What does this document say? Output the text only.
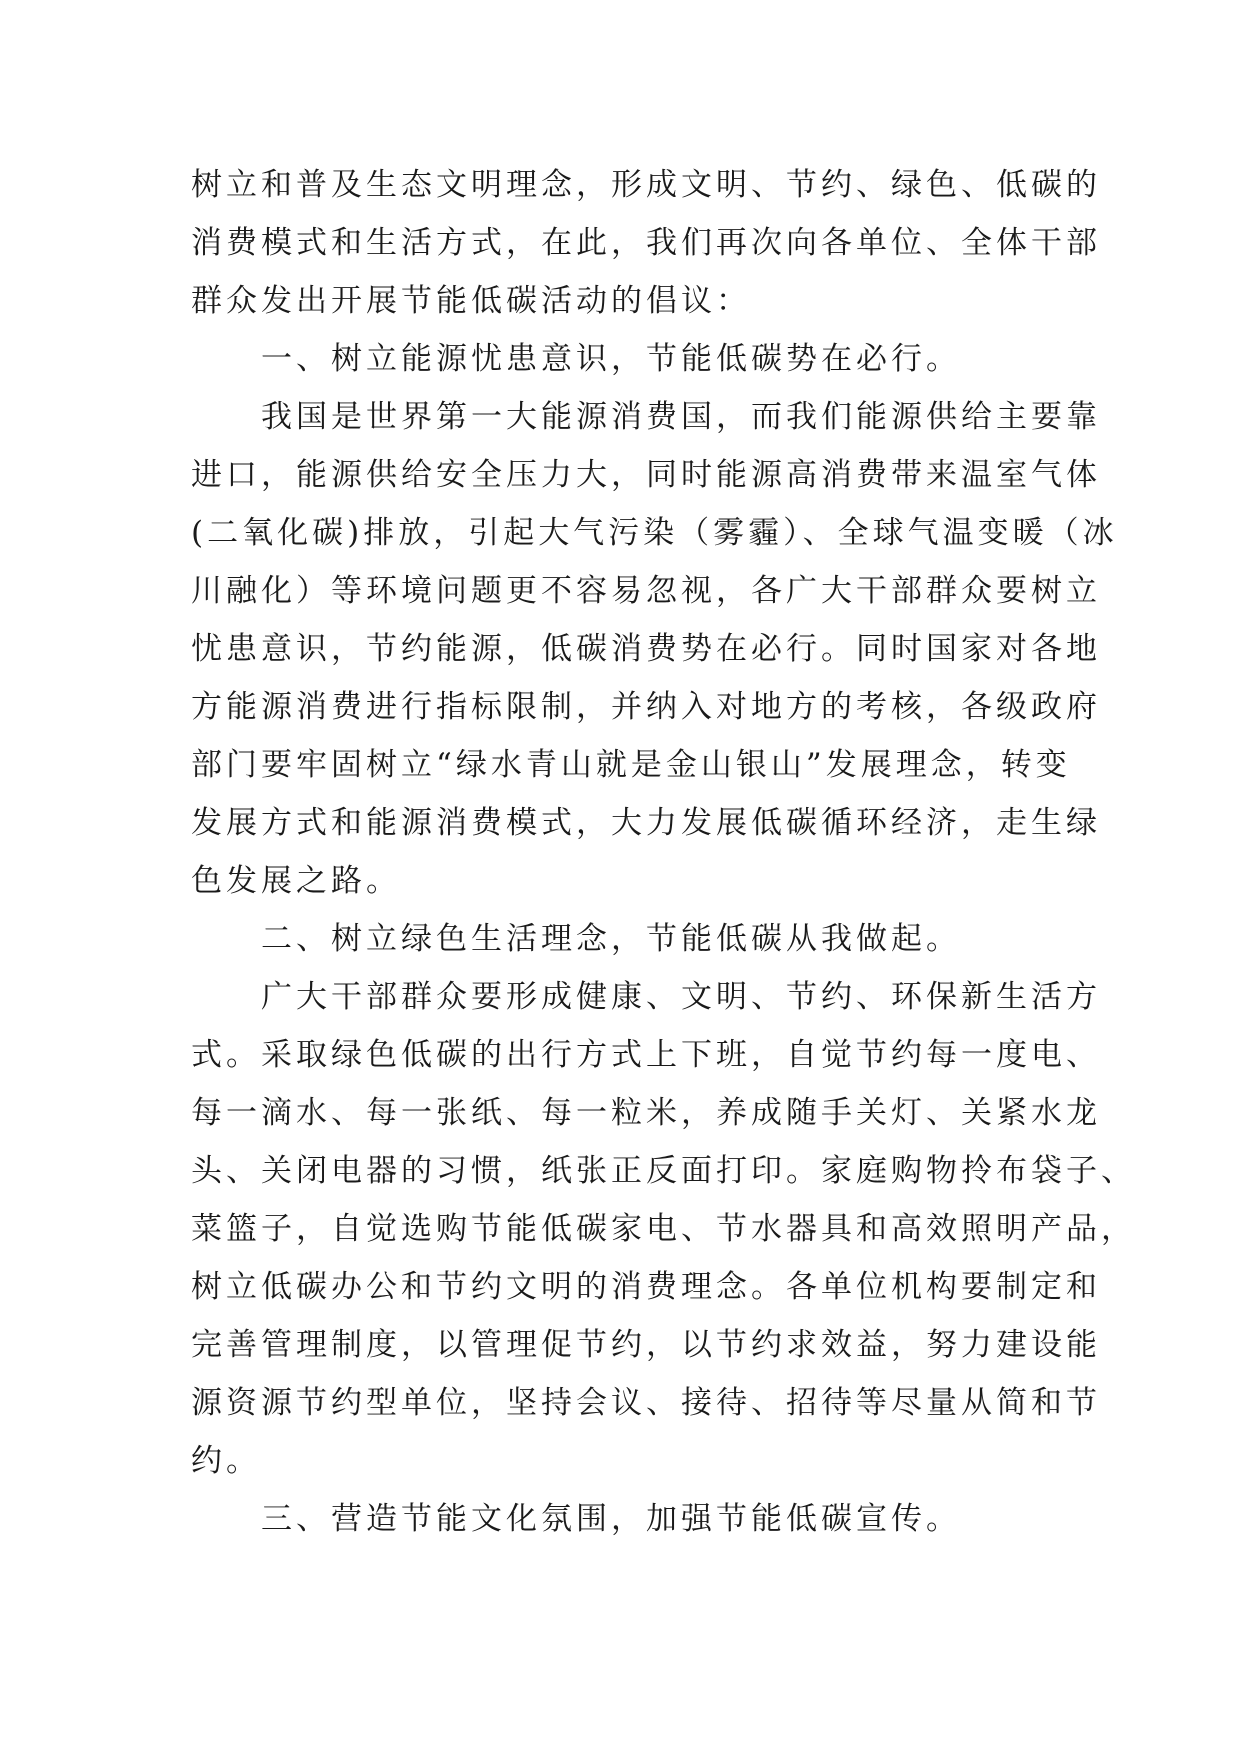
树立和普及生态文明理念，形成文明、节约、绿色、低碳的
消费模式和生活方式，在此，我们再次向各单位、全体干部
群众发出开展节能低碳活动的倡议：
　　一、树立能源忧患意识，节能低碳势在必行。
　　我国是世界第一大能源消费国，而我们能源供给主要靠
进口，能源供给安全压力大，同时能源高消费带来温室气体
(二氧化碳)排放，引起大气污染（雾霾）、全球气温变暖（冰
川融化）等环境问题更不容易忽视，各广大干部群众要树立
忧患意识，节约能源，低碳消费势在必行。同时国家对各地
方能源消费进行指标限制，并纳入对地方的考核，各级政府
部门要牢固树立“绿水青山就是金山银山”发展理念，转变
发展方式和能源消费模式，大力发展低碳循环经济，走生绿
色发展之路。
　　二、树立绿色生活理念，节能低碳从我做起。
　　广大干部群众要形成健康、文明、节约、环保新生活方
式。采取绿色低碳的出行方式上下班，自觉节约每一度电、
每一滴水、每一张纸、每一粒米，养成随手关灯、关紧水龙
头、关闭电器的习惯，纸张正反面打印。家庭购物拎布袋子、
菜篮子，自觉选购节能低碳家电、节水器具和高效照明产品，
树立低碳办公和节约文明的消费理念。各单位机构要制定和
完善管理制度，以管理促节约，以节约求效益，努力建设能
源资源节约型单位，坚持会议、接待、招待等尽量从简和节
约。
　　三、营造节能文化氛围，加强节能低碳宣传。
